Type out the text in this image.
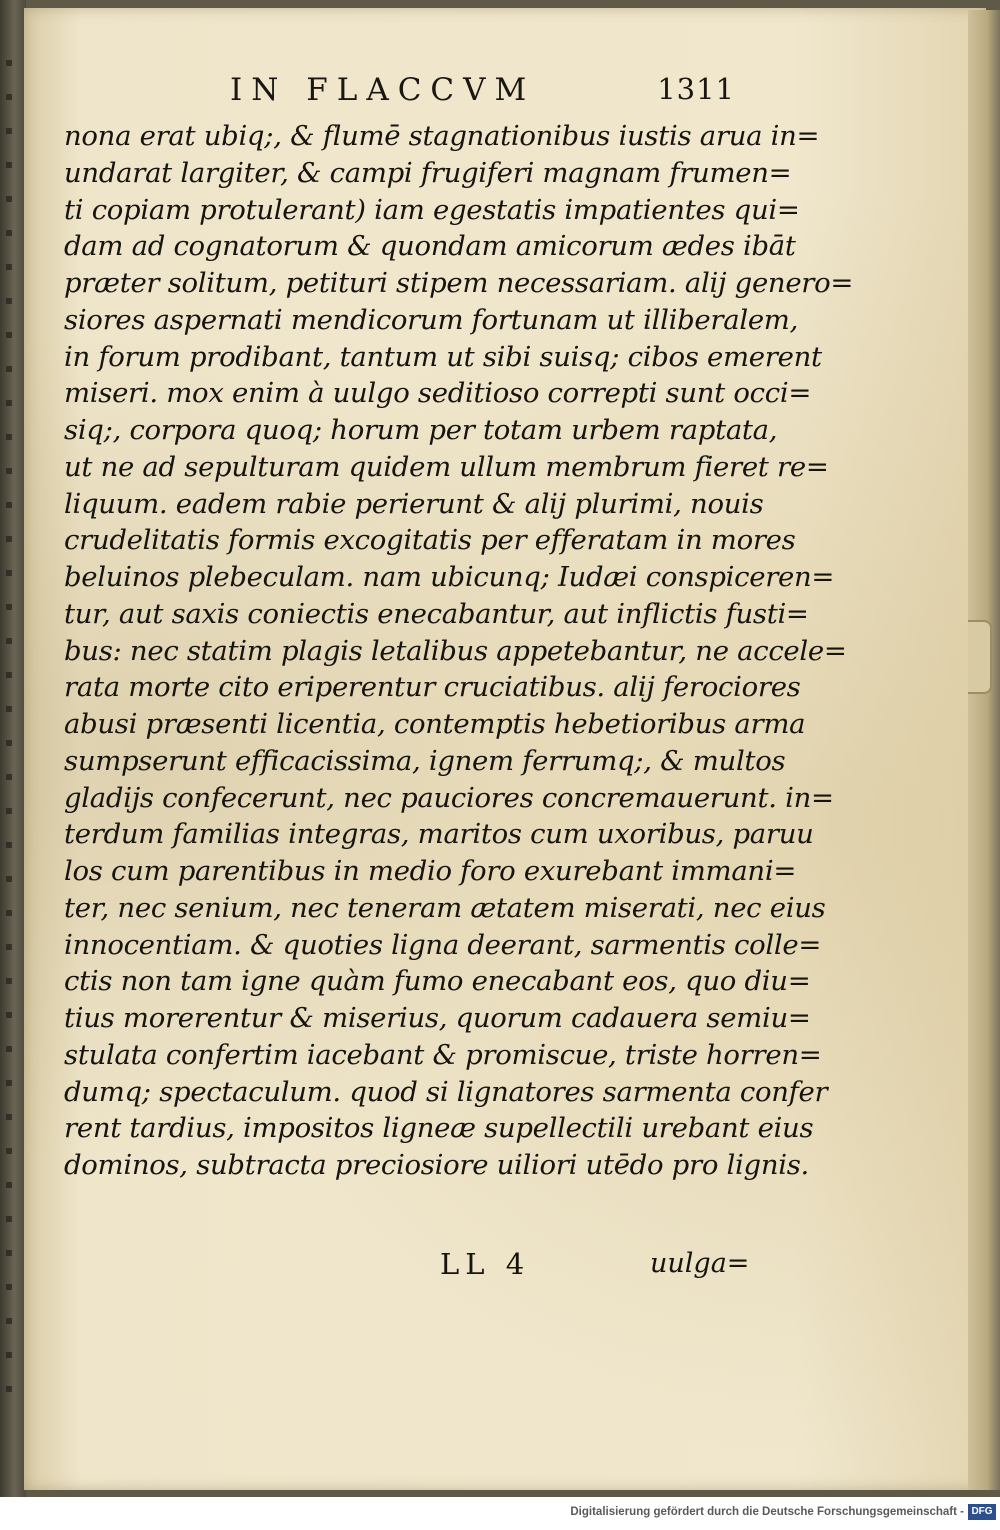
IN FLACCVM	1311
nona erat ubiq;, & flumē stagnationibus iustis arua in=
undarat largiter, & campi frugiferi magnam frumen=
ti copiam protulerant) iam egestatis impatientes qui=
dam ad cognatorum & quondam amicorum ædes ibāt
præter solitum, petituri stipem necessariam. alij genero=
siores aspernati mendicorum fortunam ut illiberalem,
in forum prodibant, tantum ut sibi suisq; cibos emerent
miseri. mox enim à uulgo seditioso correpti sunt occi=
siq;, corpora quoq; horum per totam urbem raptata,
ut ne ad sepulturam quidem ullum membrum fieret re=
liquum. eadem rabie perierunt & alij plurimi, nouis
crudelitatis formis excogitatis per efferatam in mores
beluinos plebeculam. nam ubicunq; Iudæi conspiceren=
tur, aut saxis coniectis enecabantur, aut inflictis fusti=
bus: nec statim plagis letalibus appetebantur, ne accele=
rata morte cito eriperentur cruciatibus. alij ferociores
abusi præsenti licentia, contemptis hebetioribus arma
sumpserunt efficacissima, ignem ferrumq;, & multos
gladijs confecerunt, nec pauciores concremauerunt. in=
terdum familias integras, maritos cum uxoribus, paruu
los cum parentibus in medio foro exurebant immani=
ter, nec senium, nec teneram ætatem miserati, nec eius
innocentiam. & quoties ligna deerant, sarmentis colle=
ctis non tam igne quàm fumo enecabant eos, quo diu=
tius morerentur & miserius, quorum cadauera semiu=
stulata confertim iacebant & promiscue, triste horren=
dumq; spectaculum. quod si lignatores sarmenta confer
rent tardius, impositos ligneæ supellectili urebant eius
dominos, subtracta preciosiore uiliori utēdo pro lignis.
LL 4	uulga=
Digitalisierung gefördert durch die Deutsche Forschungsgemeinschaft - DFG
